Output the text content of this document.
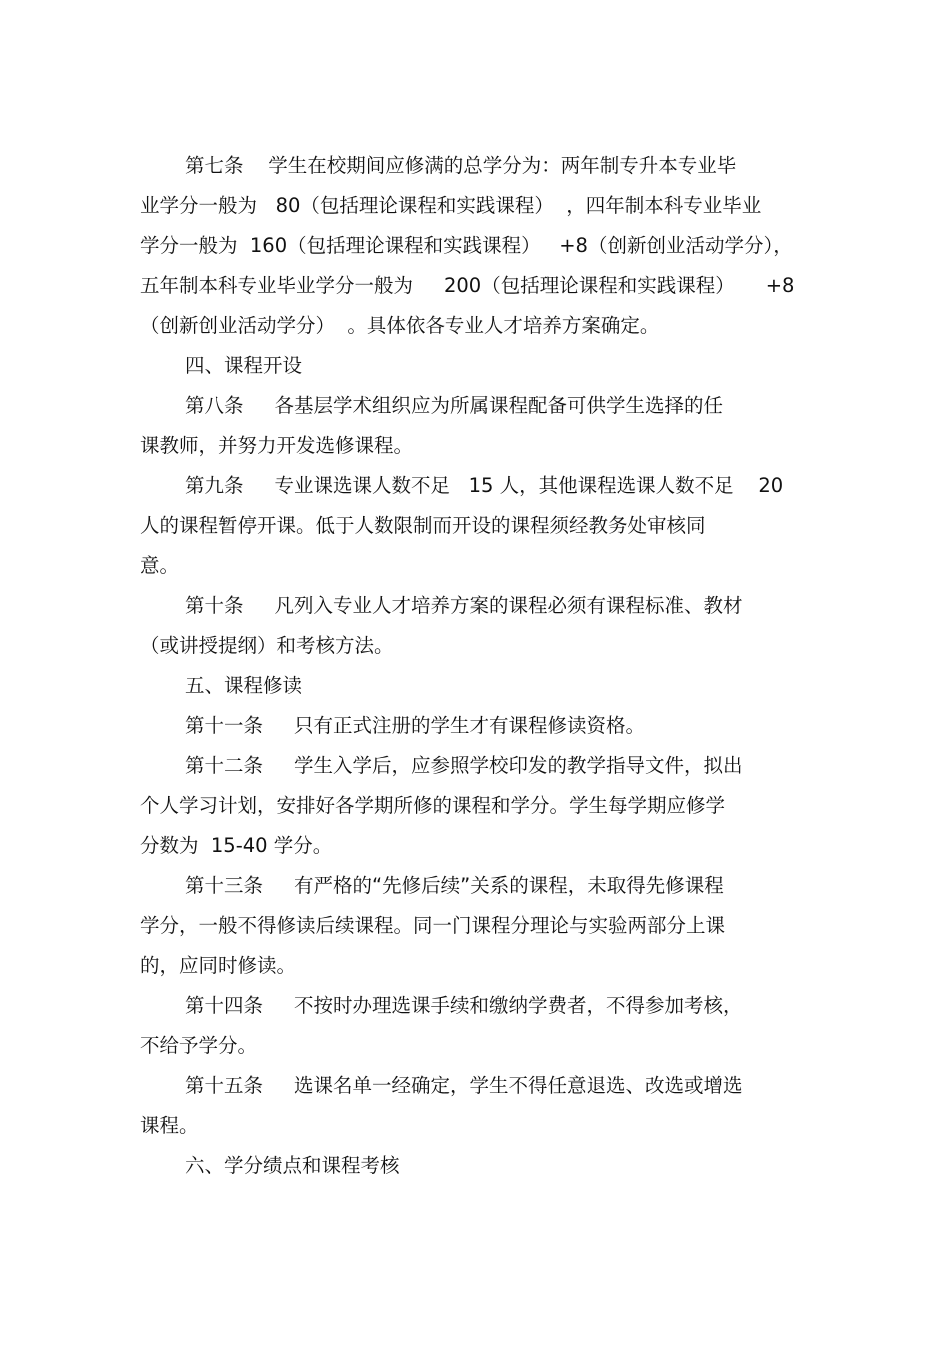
第七条    学生在校期间应修满的总学分为：两年制专升本专业毕
业学分一般为   80（包括理论课程和实践课程）  ，四年制本科专业毕业
学分一般为  160（包括理论课程和实践课程）   +8（创新创业活动学分），
五年制本科专业毕业学分一般为     200（包括理论课程和实践课程）     +8
（创新创业活动学分）  。具体依各专业人才培养方案确定。
四、课程开设
第八条     各基层学术组织应为所属课程配备可供学生选择的任
课教师，并努力开发选修课程。
第九条     专业课选课人数不足   15 人，其他课程选课人数不足    20
人的课程暂停开课。低于人数限制而开设的课程须经教务处审核同
意。
第十条     凡列入专业人才培养方案的课程必须有课程标准、教材
（或讲授提纲）和考核方法。
五、课程修读
第十一条     只有正式注册的学生才有课程修读资格。
第十二条     学生入学后，应参照学校印发的教学指导文件，拟出
个人学习计划，安排好各学期所修的课程和学分。学生每学期应修学
分数为  15-40 学分。
第十三条     有严格的“先修后续”关系的课程，未取得先修课程
学分，一般不得修读后续课程。同一门课程分理论与实验两部分上课
的，应同时修读。
第十四条     不按时办理选课手续和缴纳学费者，不得参加考核，
不给予学分。
第十五条     选课名单一经确定，学生不得任意退选、改选或增选
课程。
六、学分绩点和课程考核
